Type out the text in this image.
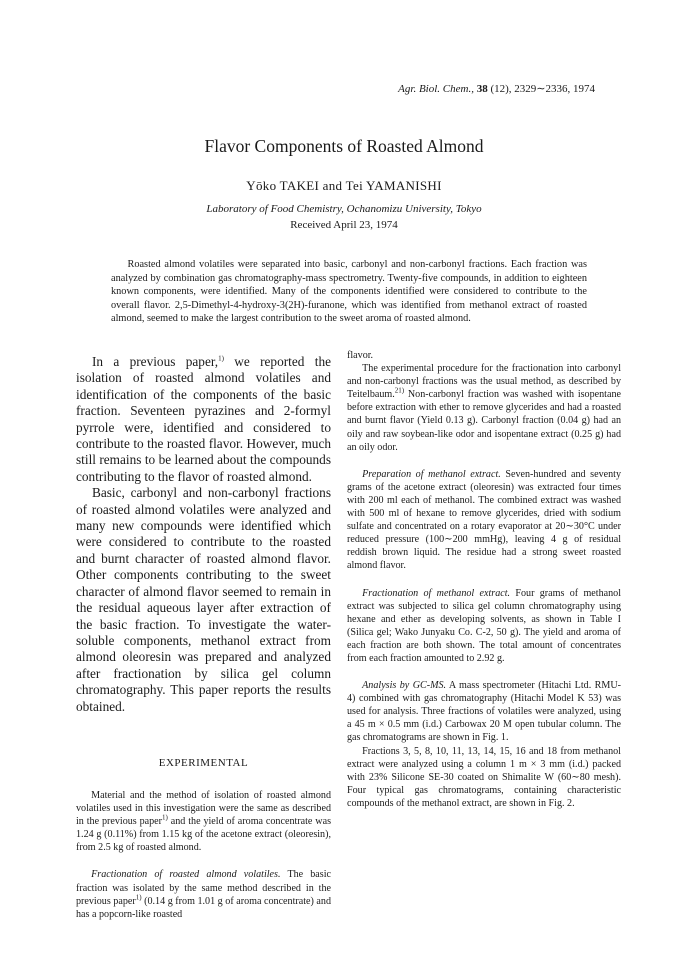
Agr. Biol. Chem., 38 (12), 2329∼2336, 1974
Flavor Components of Roasted Almond
Yōko TAKEI and Tei YAMANISHI
Laboratory of Food Chemistry, Ochanomizu University, Tokyo
Received April 23, 1974

Roasted almond volatiles were separated into basic, carbonyl and non-carbonyl fractions. Each fraction was analyzed by combination gas chromatography-mass spectrometry. Twenty-five compounds, in addition to eighteen known components, were identified. Many of the components identified were considered to contribute to the overall flavor. 2,5-Dimethyl-4-hydroxy-3(2H)-furanone, which was identified from methanol extract of roasted almond, seemed to make the largest contribution to the sweet aroma of roasted almond.

In a previous paper,$^{1)}$ we reported the isolation of roasted almond volatiles and identification of the components of the basic fraction. Seventeen pyrazines and 2-formyl pyrrole were, identified and considered to contribute to the roasted flavor. However, much still remains to be learned about the compounds contributing to the flavor of roasted almond.

Basic, carbonyl and non-carbonyl fractions of roasted almond volatiles were analyzed and many new compounds were identified which were considered to contribute to the roasted and burnt character of roasted almond flavor. Other components contributing to the sweet character of almond flavor seemed to remain in the residual aqueous layer after extraction of the basic fraction. To investigate the water-soluble components, methanol extract from almond oleoresin was prepared and analyzed after fractionation by silica gel column chromatography. This paper reports the results obtained.

EXPERIMENTAL

Material and the method of isolation of roasted almond volatiles used in this investigation were the same as described in the previous paper$^{1)}$ and the yield of aroma concentrate was 1.24 g (0.11%) from 1.15 kg of the acetone extract (oleoresin), from 2.5 kg of roasted almond.

Fractionation of roasted almond volatiles. The basic fraction was isolated by the same method described in the previous paper$^{1)}$ (0.14 g from 1.01 g of aroma concentrate) and has a popcorn-like roasted

flavor.

The experimental procedure for the fractionation into carbonyl and non-carbonyl fractions was the usual method, as described by Teitelbaum.$^{21)}$ Non-carbonyl fraction was washed with isopentane before extraction with ether to remove glycerides and had a roasted and burnt flavor (Yield 0.13 g). Carbonyl fraction (0.04 g) had an oily and raw soybean-like odor and isopentane extract (0.25 g) had an oily odor.

Preparation of methanol extract. Seven-hundred and seventy grams of the acetone extract (oleoresin) was extracted four times with 200 ml each of methanol. The combined extract was washed with 500 ml of hexane to remove glycerides, dried with sodium sulfate and concentrated on a rotary evaporator at 20∼30°C under reduced pressure (100∼200 mmHg), leaving 4 g of residual reddish brown liquid. The residue had a strong sweet roasted almond flavor.

Fractionation of methanol extract. Four grams of methanol extract was subjected to silica gel column chromatography using hexane and ether as developing solvents, as shown in Table I (Silica gel; Wako Junyaku Co. C-2, 50 g). The yield and aroma of each fraction are both shown. The total amount of concentrates from each fraction amounted to 2.92 g.

Analysis by GC-MS. A mass spectrometer (Hitachi Ltd. RMU-4) combined with gas chromatography (Hitachi Model K 53) was used for analysis. Three fractions of volatiles were analyzed, using a 45 m × 0.5 mm (i.d.) Carbowax 20 M open tubular column. The gas chromatograms are shown in Fig. 1.

Fractions 3, 5, 8, 10, 11, 13, 14, 15, 16 and 18 from methanol extract were analyzed using a column 1 m × 3 mm (i.d.) packed with 23% Silicone SE-30 coated on Shimalite W (60∼80 mesh). Four typical gas chromatograms, containing characteristic compounds of the methanol extract, are shown in Fig. 2.
